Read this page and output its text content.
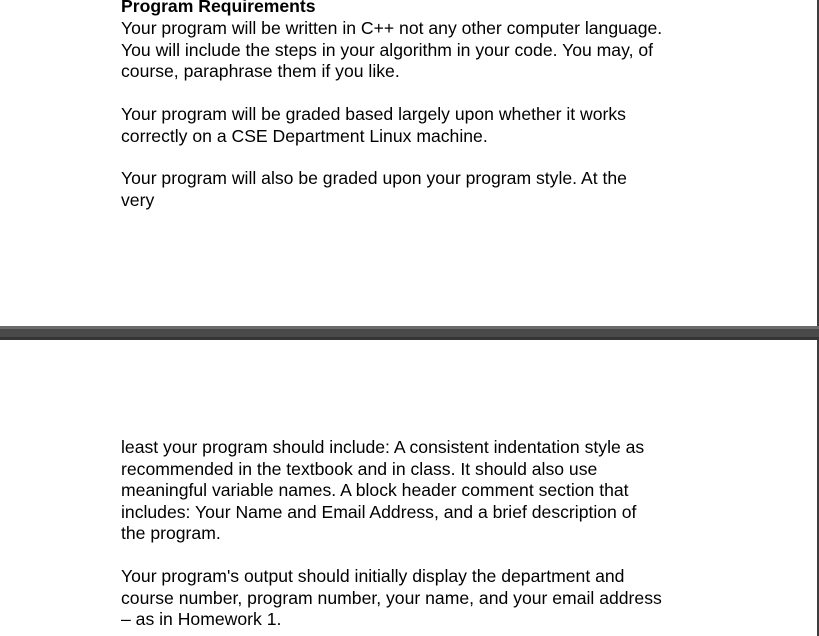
Program Requirements
Your program will be written in C++ not any other computer language.
You will include the steps in your algorithm in your code. You may, of
course, paraphrase them if you like.
Your program will be graded based largely upon whether it works
correctly on a CSE Department Linux machine.
Your program will also be graded upon your program style. At the
very
least your program should include: A consistent indentation style as
recommended in the textbook and in class. It should also use
meaningful variable names. A block header comment section that
includes: Your Name and Email Address, and a brief description of
the program.
Your program's output should initially display the department and
course number, program number, your name, and your email address
– as in Homework 1.
